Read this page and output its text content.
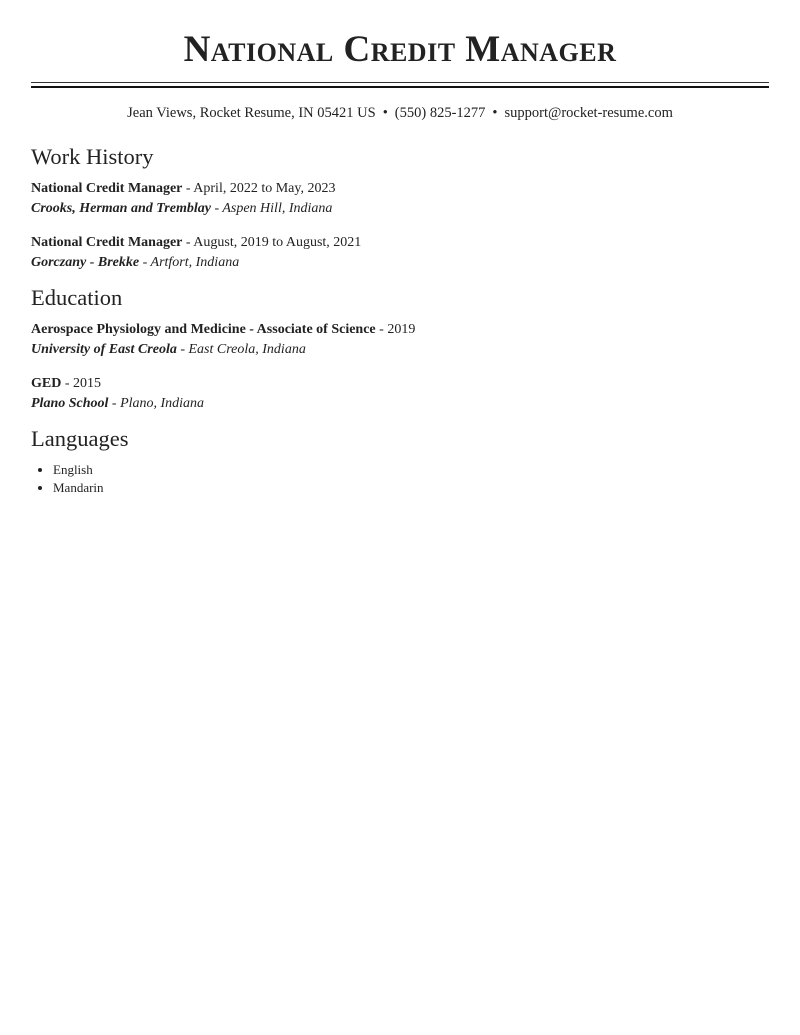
National Credit Manager
Jean Views, Rocket Resume, IN 05421 US • (550) 825-1277 • support@rocket-resume.com
Work History
National Credit Manager - April, 2022 to May, 2023
Crooks, Herman and Tremblay - Aspen Hill, Indiana
National Credit Manager - August, 2019 to August, 2021
Gorczany - Brekke - Artfort, Indiana
Education
Aerospace Physiology and Medicine - Associate of Science - 2019
University of East Creola - East Creola, Indiana
GED - 2015
Plano School - Plano, Indiana
Languages
• English
• Mandarin
